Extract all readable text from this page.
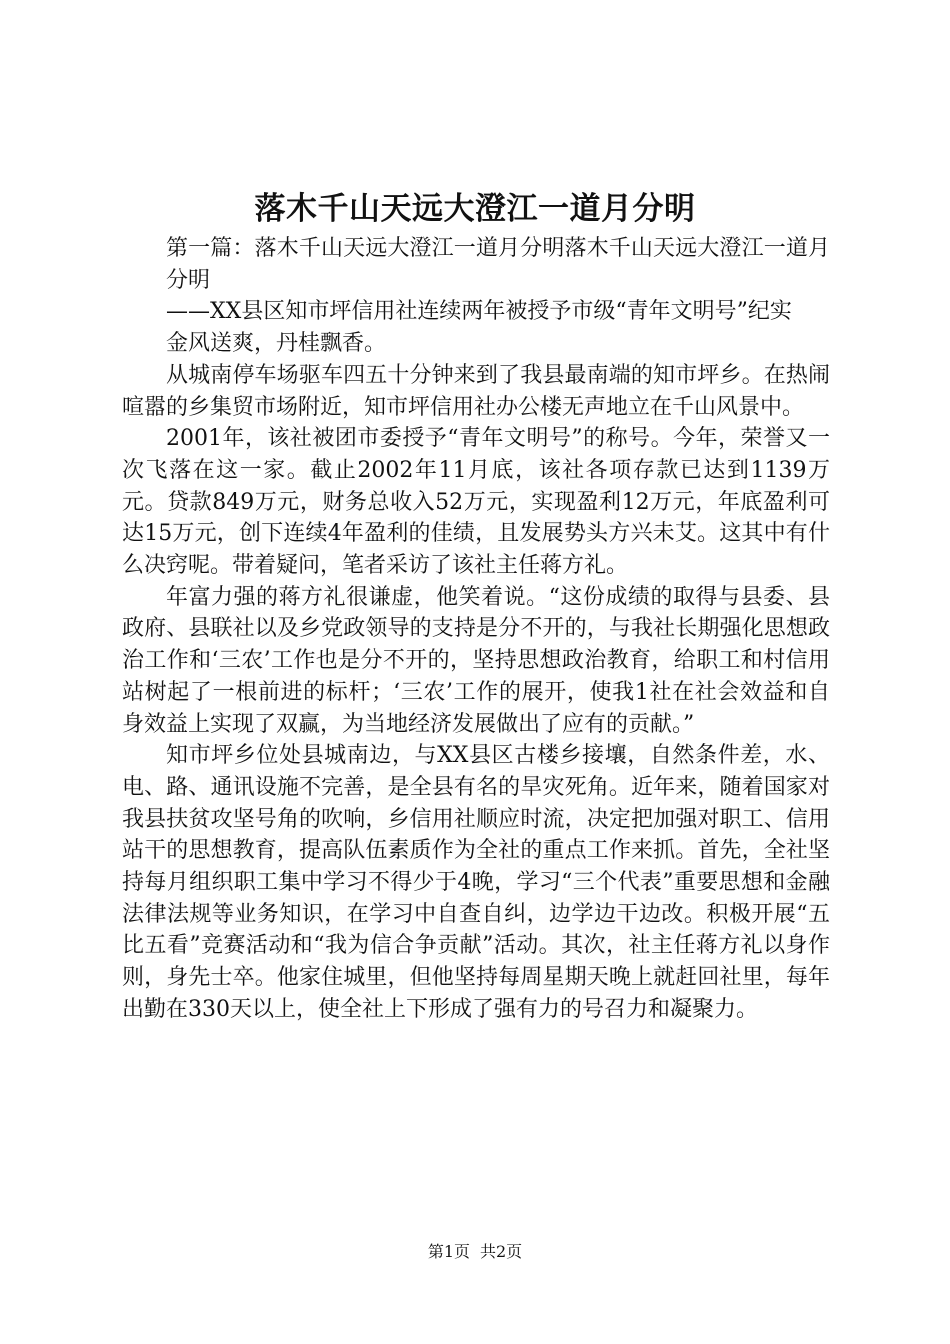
落木千山天远大澄江一道月分明

第一篇：落木千山天远大澄江一道月分明落木千山天远大澄江一道月分明

——XX县区知市坪信用社连续两年被授予市级“青年文明号”纪实

金风送爽，丹桂飘香。

从城南停车场驱车四五十分钟来到了我县最南端的知市坪乡。在热闹喧嚣的乡集贸市场附近，知市坪信用社办公楼无声地立在千山风景中。

2001年，该社被团市委授予“青年文明号”的称号。今年，荣誉又一次飞落在这一家。截止2002年11月底，该社各项存款已达到1139万元。贷款849万元，财务总收入52万元，实现盈利12万元，年底盈利可达15万元，创下连续4年盈利的佳绩，且发展势头方兴未艾。这其中有什么决窍呢。带着疑问，笔者采访了该社主任蒋方礼。

年富力强的蒋方礼很谦虚，他笑着说。“这份成绩的取得与县委、县政府、县联社以及乡党政领导的支持是分不开的，与我社长期强化思想政治工作和‘三农’工作也是分不开的，坚持思想政治教育，给职工和村信用站树起了一根前进的标杆；‘三农’工作的展开，使我1社在社会效益和自身效益上实现了双赢，为当地经济发展做出了应有的贡献。”

知市坪乡位处县城南边，与XX县区古楼乡接壤，自然条件差，水、电、路、通讯设施不完善，是全县有名的旱灾死角。近年来，随着国家对我县扶贫攻坚号角的吹响，乡信用社顺应时流，决定把加强对职工、信用站干的思想教育，提高队伍素质作为全社的重点工作来抓。首先，全社坚持每月组织职工集中学习不得少于4晚，学习“三个代表”重要思想和金融法律法规等业务知识，在学习中自查自纠，边学边干边改。积极开展“五比五看”竞赛活动和“我为信合争贡献”活动。其次，社主任蒋方礼以身作则，身先士卒。他家住城里，但他坚持每周星期天晚上就赶回社里，每年出勤在330天以上，使全社上下形成了强有力的号召力和凝聚力。

第1页 共2页
